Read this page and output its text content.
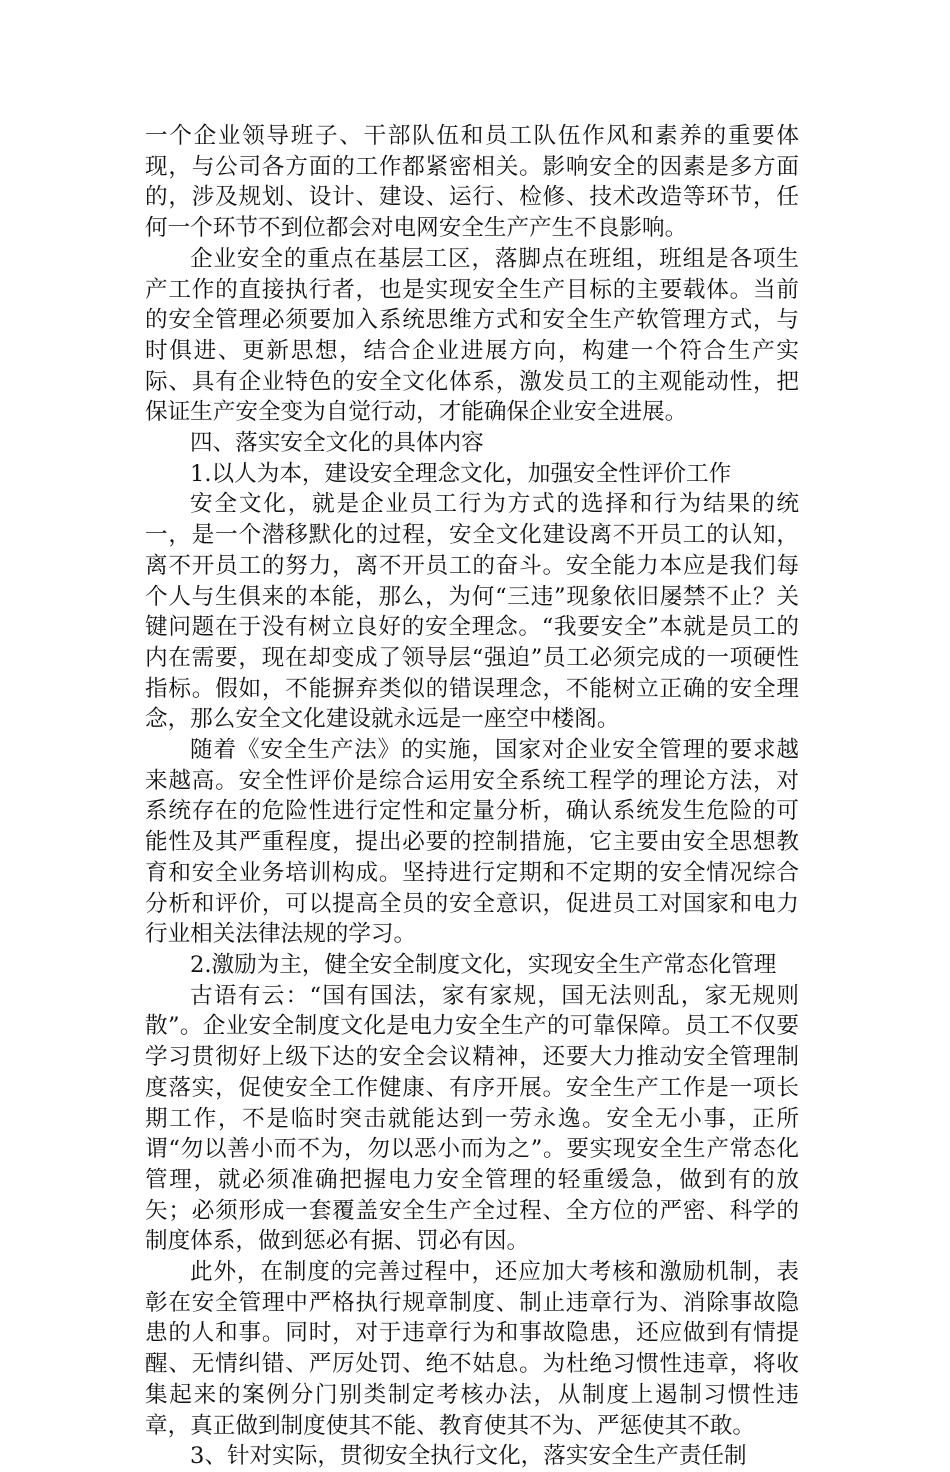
一个企业领导班子、干部队伍和员工队伍作风和素养的重要体现，与公司各方面的工作都紧密相关。影响安全的因素是多方面的，涉及规划、设计、建设、运行、检修、技术改造等环节，任何一个环节不到位都会对电网安全生产产生不良影响。

企业安全的重点在基层工区，落脚点在班组，班组是各项生产工作的直接执行者，也是实现安全生产目标的主要载体。当前的安全管理必须要加入系统思维方式和安全生产软管理方式，与时俱进、更新思想，结合企业进展方向，构建一个符合生产实际、具有企业特色的安全文化体系，激发员工的主观能动性，把保证生产安全变为自觉行动，才能确保企业安全进展。

四、落实安全文化的具体内容

1.以人为本，建设安全理念文化，加强安全性评价工作

安全文化，就是企业员工行为方式的选择和行为结果的统一，是一个潜移默化的过程，安全文化建设离不开员工的认知，离不开员工的努力，离不开员工的奋斗。安全能力本应是我们每个人与生俱来的本能，那么，为何“三违”现象依旧屡禁不止？关键问题在于没有树立良好的安全理念。“我要安全”本就是员工的内在需要，现在却变成了领导层“强迫”员工必须完成的一项硬性指标。假如，不能摒弃类似的错误理念，不能树立正确的安全理念，那么安全文化建设就永远是一座空中楼阁。

随着《安全生产法》的实施，国家对企业安全管理的要求越来越高。安全性评价是综合运用安全系统工程学的理论方法，对系统存在的危险性进行定性和定量分析，确认系统发生危险的可能性及其严重程度，提出必要的控制措施，它主要由安全思想教育和安全业务培训构成。坚持进行定期和不定期的安全情况综合分析和评价，可以提高全员的安全意识，促进员工对国家和电力行业相关法律法规的学习。

2.激励为主，健全安全制度文化，实现安全生产常态化管理

古语有云：“国有国法，家有家规，国无法则乱，家无规则散”。企业安全制度文化是电力安全生产的可靠保障。员工不仅要学习贯彻好上级下达的安全会议精神，还要大力推动安全管理制度落实，促使安全工作健康、有序开展。安全生产工作是一项长期工作，不是临时突击就能达到一劳永逸。安全无小事，正所谓“勿以善小而不为，勿以恶小而为之”。要实现安全生产常态化管理，就必须准确把握电力安全管理的轻重缓急，做到有的放矢；必须形成一套覆盖安全生产全过程、全方位的严密、科学的制度体系，做到惩必有据、罚必有因。

此外，在制度的完善过程中，还应加大考核和激励机制，表彰在安全管理中严格执行规章制度、制止违章行为、消除事故隐患的人和事。同时，对于违章行为和事故隐患，还应做到有情提醒、无情纠错、严厉处罚、绝不姑息。为杜绝习惯性违章，将收集起来的案例分门别类制定考核办法，从制度上遏制习惯性违章，真正做到制度使其不能、教育使其不为、严惩使其不敢。

3、针对实际，贯彻安全执行文化，落实安全生产责任制
